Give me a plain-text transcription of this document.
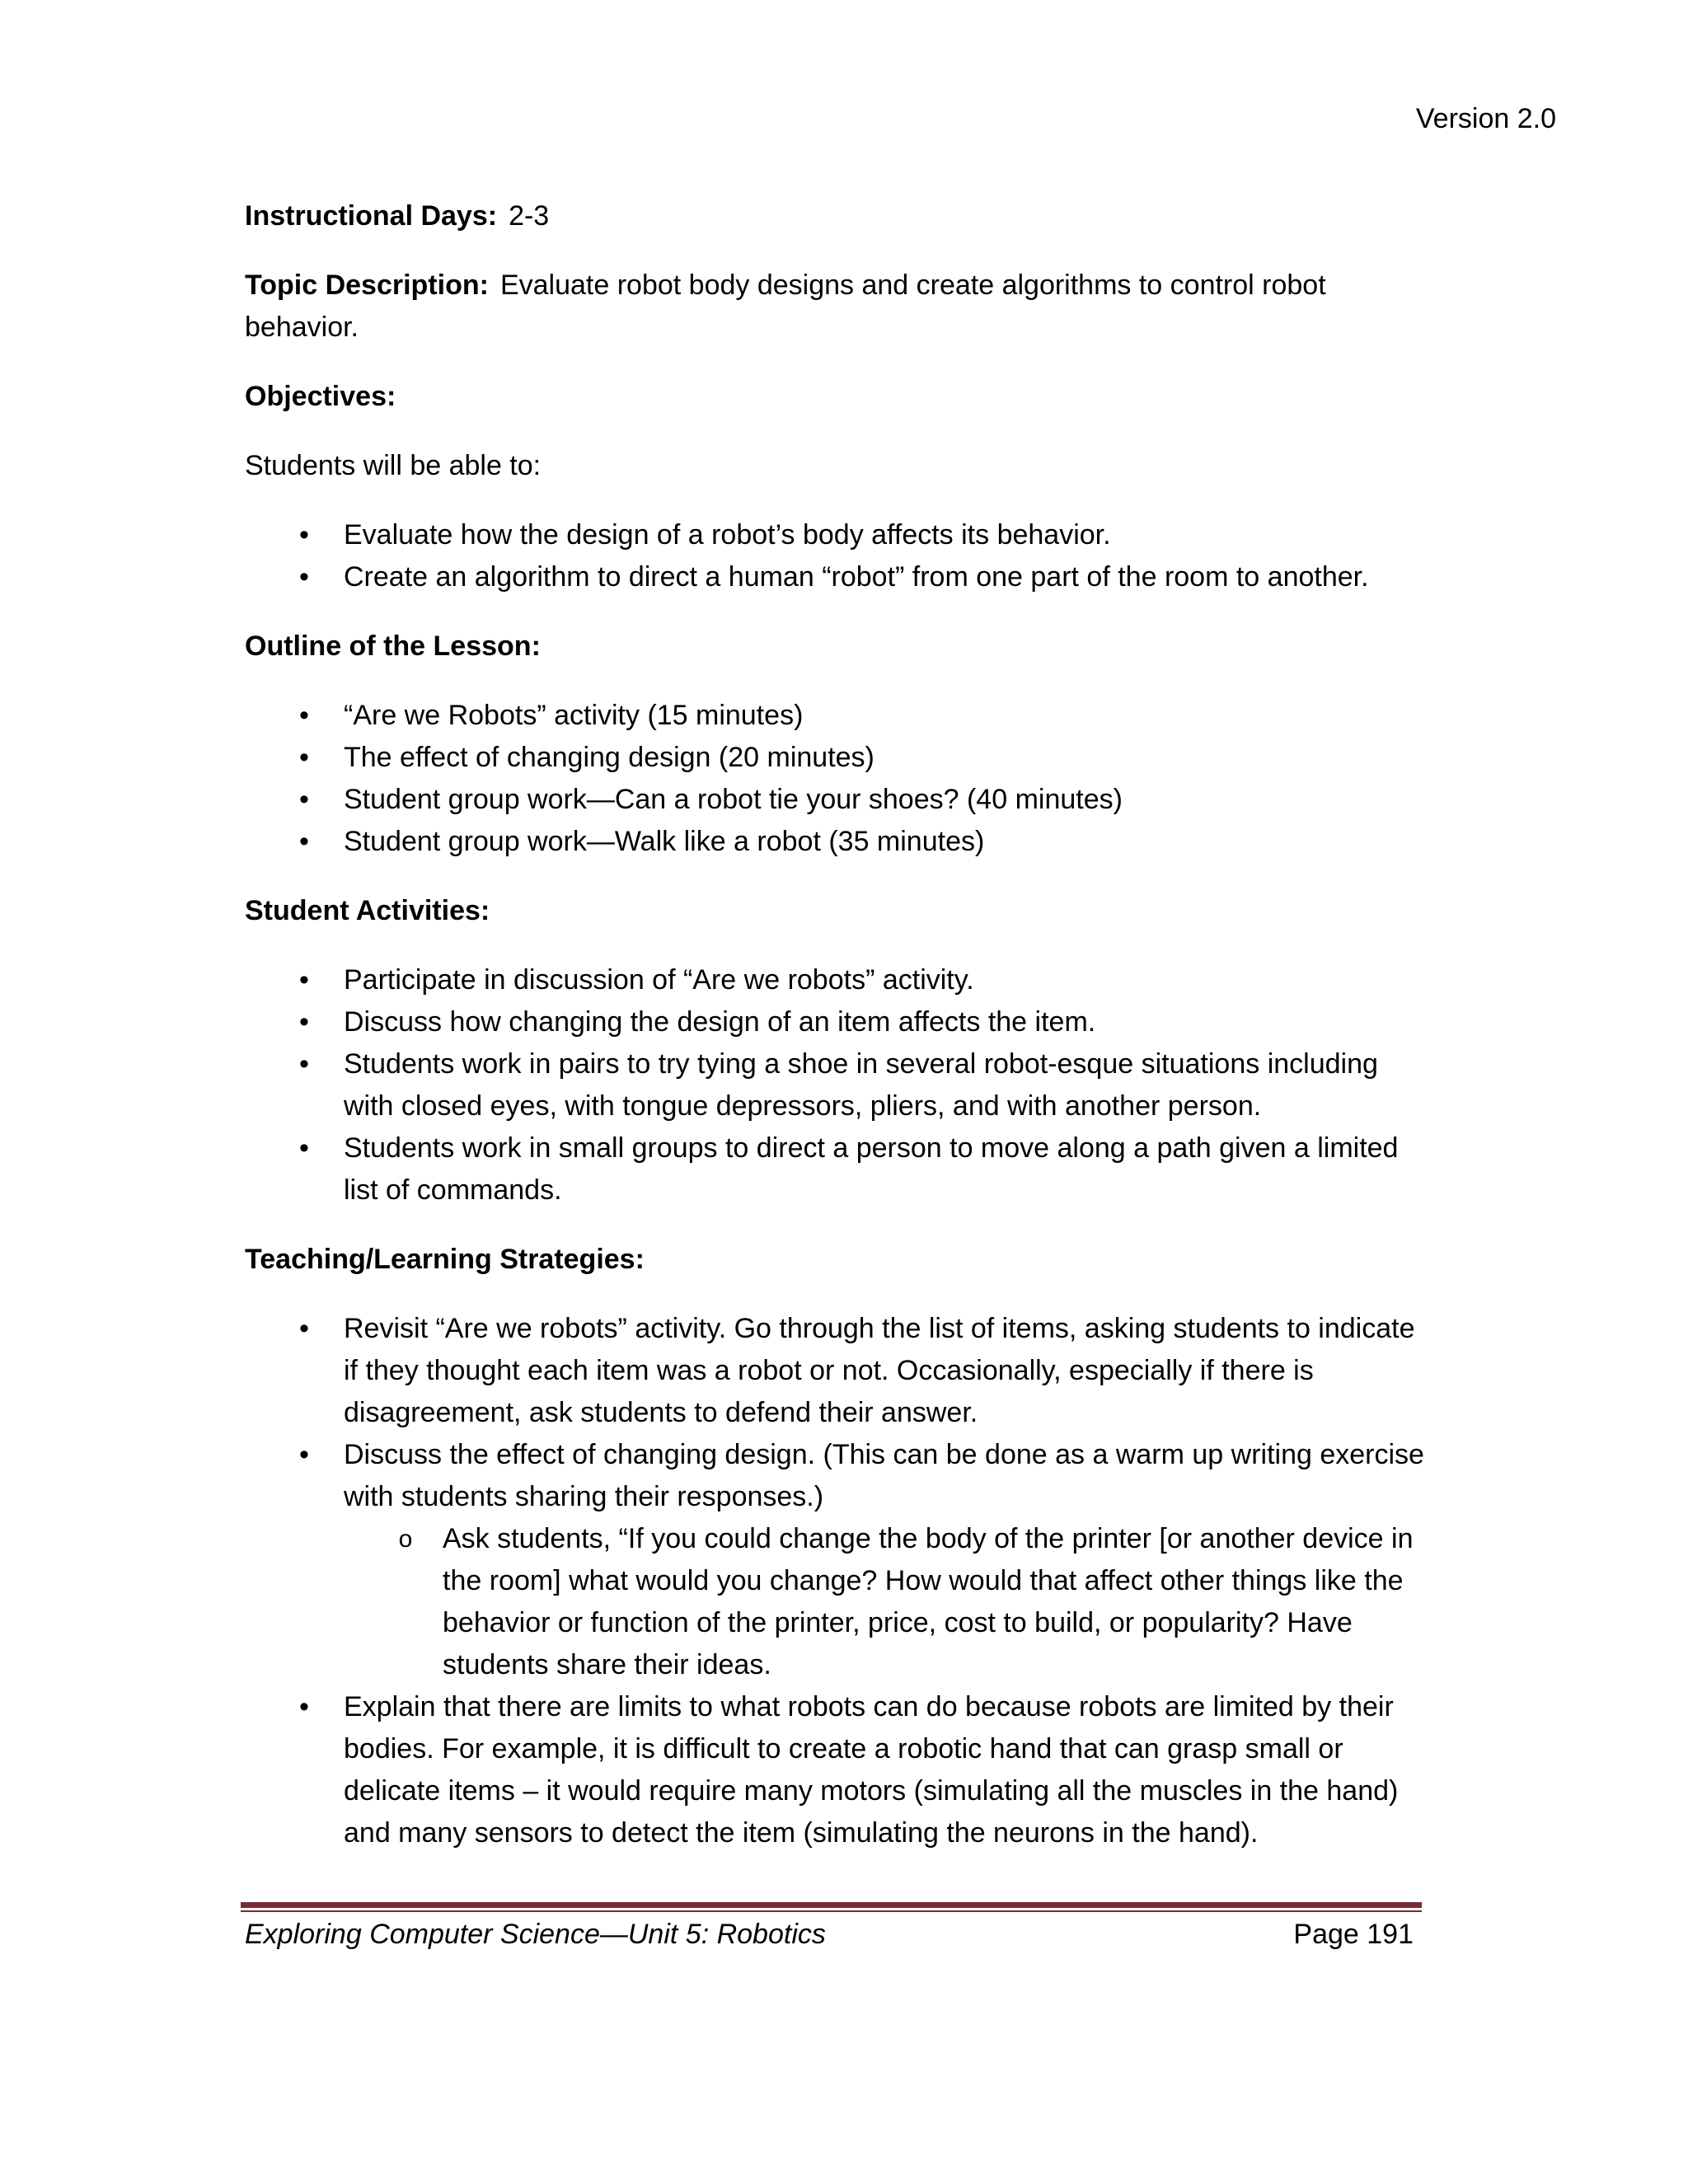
Version 2.0

Instructional Days: 2-3

Topic Description: Evaluate robot body designs and create algorithms to control robot behavior.

Objectives:

Students will be able to:

• Evaluate how the design of a robot’s body affects its behavior.
• Create an algorithm to direct a human “robot” from one part of the room to another.

Outline of the Lesson:

• “Are we Robots” activity (15 minutes)
• The effect of changing design (20 minutes)
• Student group work—Can a robot tie your shoes? (40 minutes)
• Student group work—Walk like a robot (35 minutes)

Student Activities:

• Participate in discussion of “Are we robots” activity.
• Discuss how changing the design of an item affects the item.
• Students work in pairs to try tying a shoe in several robot-esque situations including with closed eyes, with tongue depressors, pliers, and with another person.
• Students work in small groups to direct a person to move along a path given a limited list of commands.

Teaching/Learning Strategies:

• Revisit “Are we robots” activity. Go through the list of items, asking students to indicate if they thought each item was a robot or not. Occasionally, especially if there is disagreement, ask students to defend their answer.
• Discuss the effect of changing design. (This can be done as a warm up writing exercise with students sharing their responses.)
o Ask students, “If you could change the body of the printer [or another device in the room] what would you change? How would that affect other things like the behavior or function of the printer, price, cost to build, or popularity? Have students share their ideas.
• Explain that there are limits to what robots can do because robots are limited by their bodies. For example, it is difficult to create a robotic hand that can grasp small or delicate items – it would require many motors (simulating all the muscles in the hand) and many sensors to detect the item (simulating the neurons in the hand).
Exploring Computer Science—Unit 5: Robotics	Page 191
